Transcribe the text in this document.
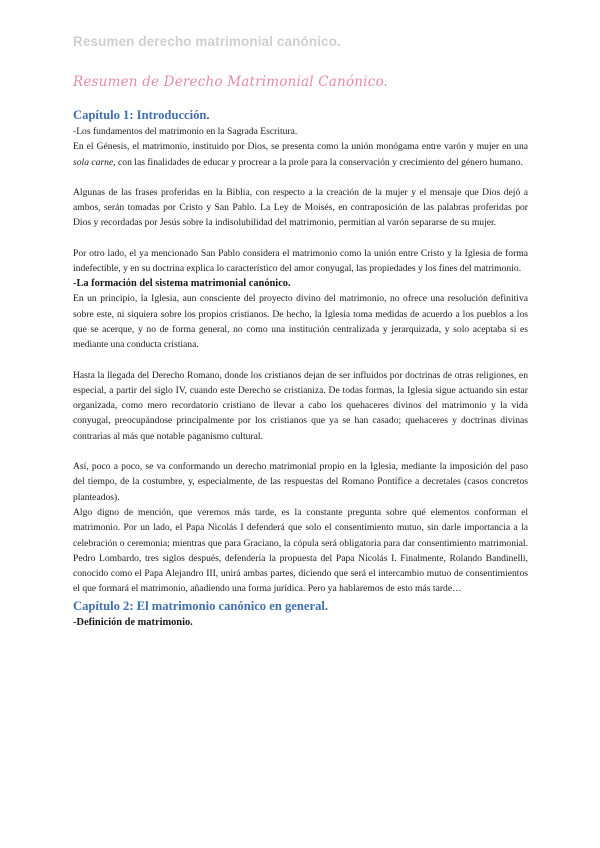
Resumen derecho matrimonial canónico.
Resumen de Derecho Matrimonial Canónico.

Capítulo 1: Introducción.

-Los fundamentos del matrimonio en la Sagrada Escritura.

En el Génesis, el matrimonio, instituido por Dios, se presenta como la unión monógama entre varón y mujer en una sola carne, con las finalidades de educar y procrear a la prole para la conservación y crecimiento del género humano.

Algunas de las frases proferidas en la Biblia, con respecto a la creación de la mujer y el mensaje que Dios dejó a ambos, serán tomadas por Cristo y San Pablo. La Ley de Moisés, en contraposición de las palabras proferidas por Dios y recordadas por Jesús sobre la indisolubilidad del matrimonio, permitían al varón separarse de su mujer.

Por otro lado, el ya mencionado San Pablo considera el matrimonio como la unión entre Cristo y la Iglesia de forma indefectible, y en su doctrina explica lo característico del amor conyugal, las propiedades y los fines del matrimonio.

-La formación del sistema matrimonial canónico.

En un principio, la Iglesia, aun consciente del proyecto divino del matrimonio, no ofrece una resolución definitiva sobre este, ni siquiera sobre los propios cristianos. De hecho, la Iglesia toma medidas de acuerdo a los pueblos a los que se acerque, y no de forma general, no como una institución centralizada y jerarquizada, y solo aceptaba si es mediante una conducta cristiana.

Hasta la llegada del Derecho Romano, donde los cristianos dejan de ser influidos por doctrinas de otras religiones, en especial, a partir del siglo IV, cuando este Derecho se cristianiza. De todas formas, la Iglesia sigue actuando sin estar organizada, como mero recordatorio cristiano de llevar a cabo los quehaceres divinos del matrimonio y la vida conyugal, preocupándose principalmente por los cristianos que ya se han casado; quehaceres y doctrinas divinas contrarias al más que notable paganismo cultural.

Así, poco a poco, se va conformando un derecho matrimonial propio en la Iglesia, mediante la imposición del paso del tiempo, de la costumbre, y, especialmente, de las respuestas del Romano Pontífice a decretales (casos concretos planteados).

Algo digno de mención, que veremos más tarde, es la constante pregunta sobre qué elementos conforman el matrimonio. Por un lado, el Papa Nicolás I defenderá que solo el consentimiento mutuo, sin darle importancia a la celebración o ceremonia; mientras que para Graciano, la cópula será obligatoria para dar consentimiento matrimonial. Pedro Lombardo, tres siglos después, defendería la propuesta del Papa Nicolás I. Finalmente, Rolando Bandinelli, conocido como el Papa Alejandro III, unirá ambas partes, diciendo que será el intercambio mutuo de consentimientos el que formará el matrimonio, añadiendo una forma jurídica. Pero ya hablaremos de esto más tarde…

Capítulo 2: El matrimonio canónico en general.

-Definición de matrimonio.
